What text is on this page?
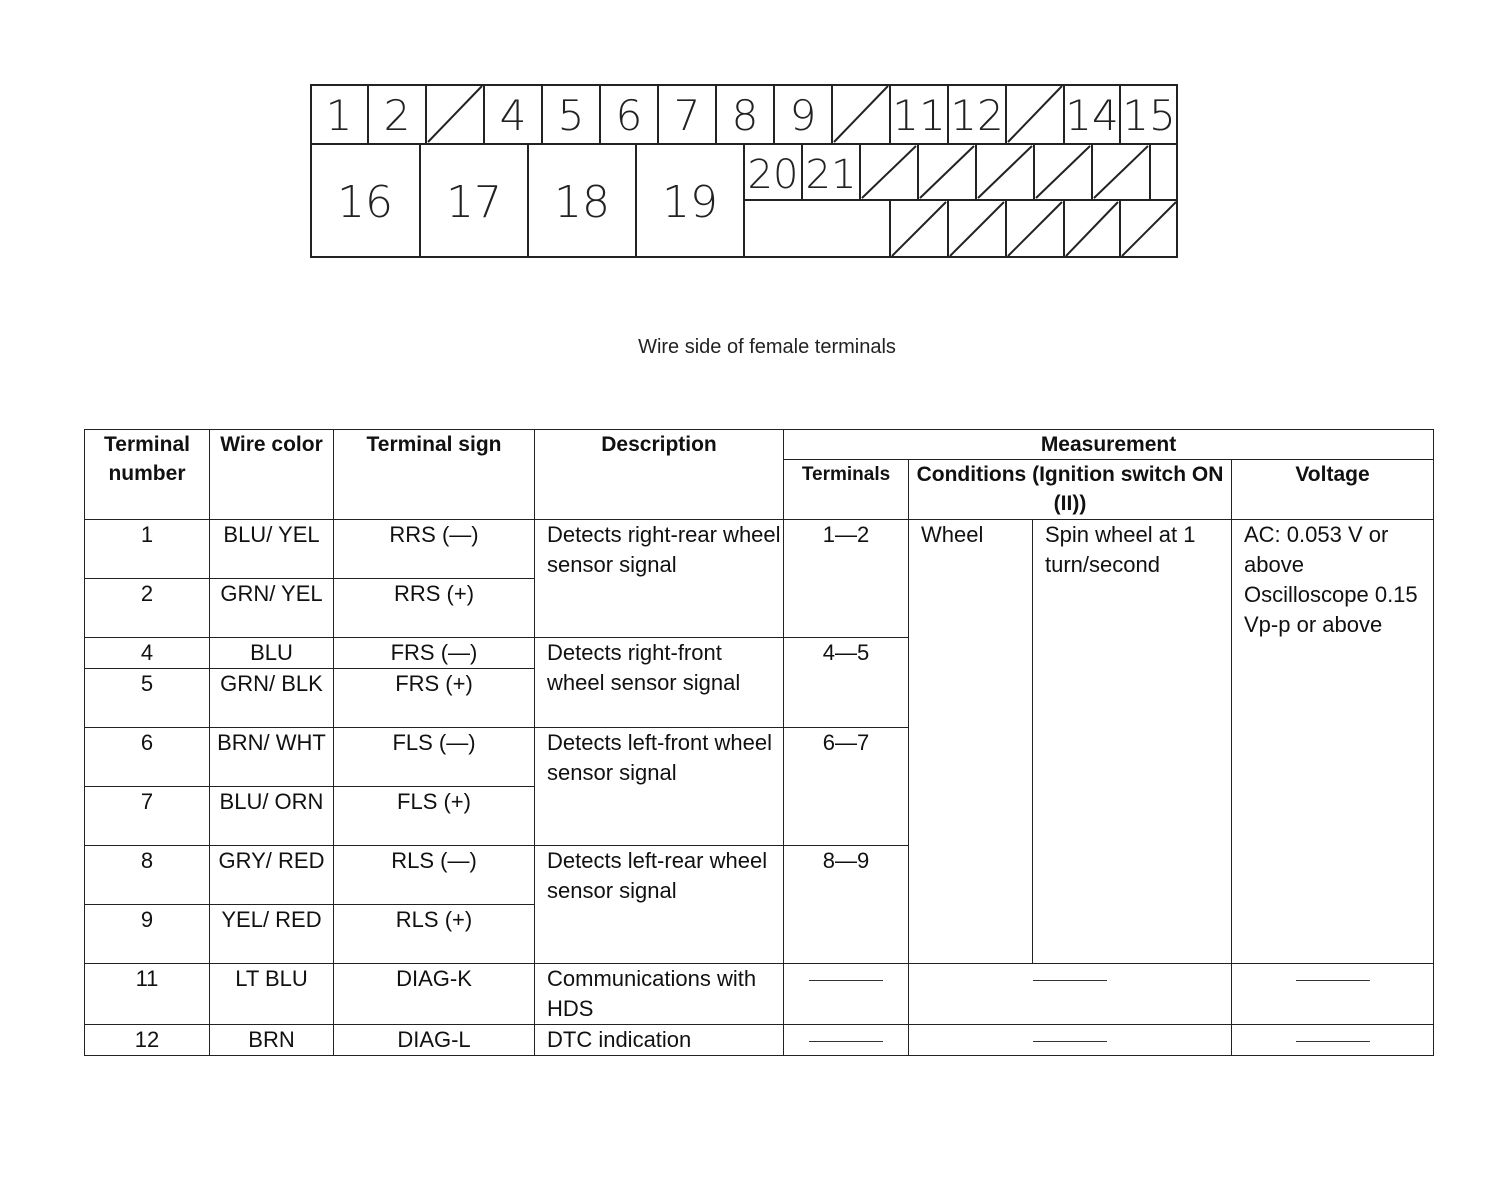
1 2 4 5 6 7 8 9 11 12 14 15
16 17 18 19
20 21
Wire side of female terminals
Terminal number	Wire color	Terminal sign	Description	Measurement			
				Terminals	Conditions (Ignition switch ON (II))		Voltage
1	BLU/ YEL	RRS (—)	Detects right-rear wheel sensor signal	1—2	Wheel	Spin wheel at 1 turn/second	AC: 0.053 V or above Oscilloscope 0.15 Vp-p or above
2	GRN/ YEL	RRS (+)					
4	BLU	FRS (—)	Detects right-front wheel sensor signal	4—5			
5	GRN/ BLK	FRS (+)					
6	BRN/ WHT	FLS (—)	Detects left-front wheel sensor signal	6—7			
7	BLU/ ORN	FLS (+)					
8	GRY/ RED	RLS (—)	Detects left-rear wheel sensor signal	8—9			
9	YEL/ RED	RLS (+)					
11	LT BLU	DIAG-K	Communications with HDS		

12	BRN	DIAG-L	DTC indication		
